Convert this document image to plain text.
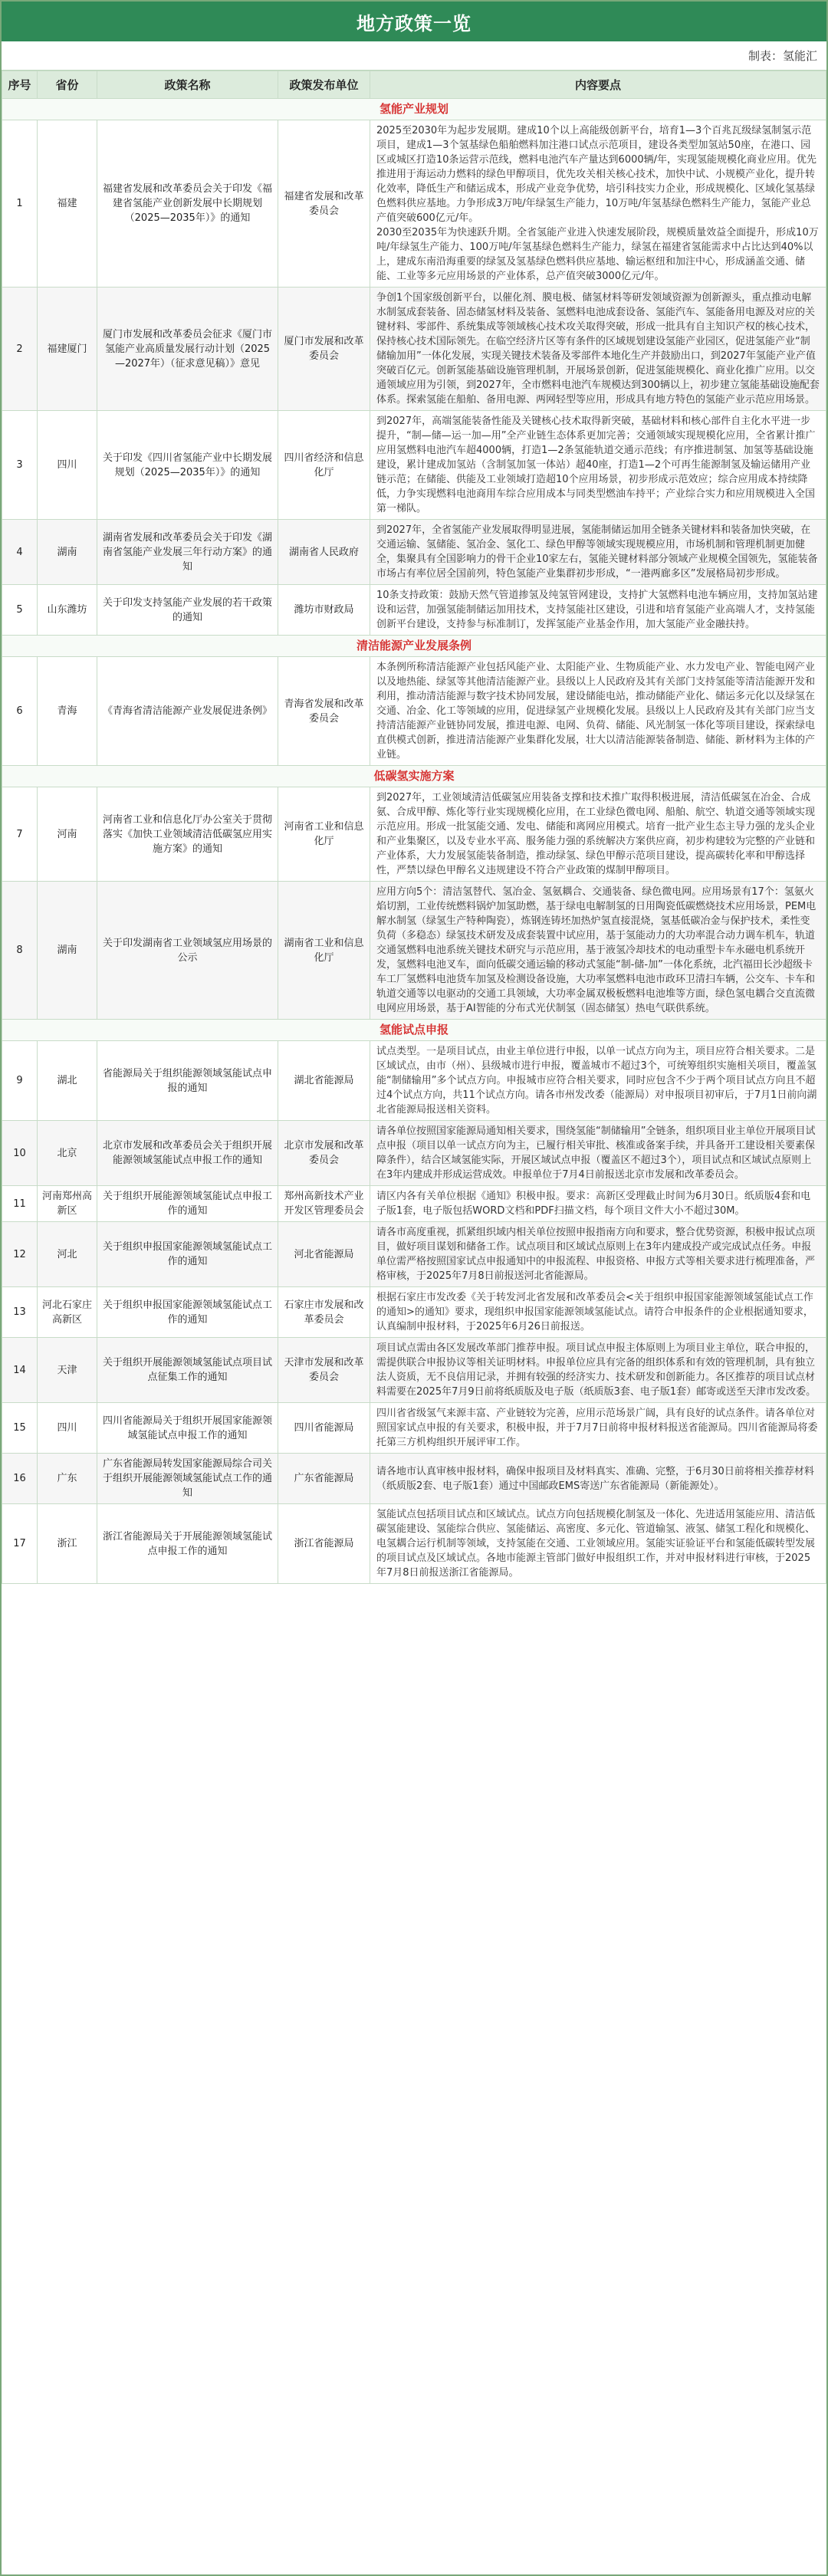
地方政策一览
制表：氢能汇
序号	省份	政策名称	政策发布单位	内容要点
氢能产业规划				
1	福建	福建省发展和改革委员会关于印发《福建省氢能产业创新发展中长期规划（2025—2035年）》的通知	福建省发展和改革委员会	2025至2030年为起步发展期。建成10个以上高能级创新平台，培育1—3个百兆瓦级绿氢制氢示范项目，建成1—3个氢基绿色船舶燃料加注港口试点示范项目，建设各类型加氢站50座，在港口、园区或城区打造10条运营示范线，燃料电池汽车产量达到6000辆/年，实现氢能规模化商业应用。优先推进用于海运动力燃料的绿色甲醇项目，优先攻关相关核心技术，加快中试、小规模产业化，提升转化效率，降低生产和储运成本，形成产业竞争优势，培引科技实力企业，形成规模化、区域化氢基绿色燃料供应基地。力争形成3万吨/年绿氢生产能力，10万吨/年氢基绿色燃料生产能力，氢能产业总产值突破600亿元/年。

2030至2035年为快速跃升期。全省氢能产业进入快速发展阶段，规模质量效益全面提升，形成10万吨/年绿氢生产能力、100万吨/年氢基绿色燃料生产能力，绿氢在福建省氢能需求中占比达到40%以上，建成东南沿海重要的绿氢及氢基绿色燃料供应基地、输运枢纽和加注中心，形成涵盖交通、储能、工业等多元应用场景的产业体系，总产值突破3000亿元/年。

2	福建厦门	厦门市发展和改革委员会征求《厦门市氢能产业高质量发展行动计划（2025—2027年）（征求意见稿）》意见	厦门市发展和改革委员会	争创1个国家级创新平台，以催化剂、膜电极、储氢材料等研发领域资源为创新源头，重点推动电解水制氢成套装备、固态储氢材料及装备、氢燃料电池成套设备、氢能汽车、氢能备用电源及对应的关键材料、零部件、系统集成等领域核心技术攻关取得突破，形成一批具有自主知识产权的核心技术，保持核心技术国际领先。在临空经济片区等有条件的区域规划建设氢能产业园区，促进氢能产业“制储输加用”一体化发展，实现关键技术装备及零部件本地化生产并鼓励出口，到2027年氢能产业产值突破百亿元。创新氢能基础设施管理机制，开展场景创新，促进氢能规模化、商业化推广应用。以交通领域应用为引领，到2027年，全市燃料电池汽车规模达到300辆以上，初步建立氢能基础设施配套体系。探索氢能在船舶、备用电源、两网轻型等应用，形成具有地方特色的氢能产业示范应用场景。

3	四川	关于印发《四川省氢能产业中长期发展规划（2025—2035年）》的通知	四川省经济和信息化厅	到2027年，高端氢能装备性能及关键核心技术取得新突破，基础材料和核心部件自主化水平进一步提升，“制—储—运一加—用”全产业链生态体系更加完善；交通领域实现规模化应用，全省累计推广应用氢燃料电池汽车超4000辆，打造1—2条氢能轨道交通示范线；有序推进制氢、加氢等基础设施建设，累计建成加氢站（含制氢加氢一体站）超40座，打造1—2个可再生能源制氢及输运储用产业链示范；在储能、供能及工业领域打造超10个应用场景，初步形成示范效应；综合应用成本持续降低，力争实现燃料电池商用车综合应用成本与同类型燃油车持平；产业综合实力和应用规模进入全国第一梯队。

4	湖南	湖南省发展和改革委员会关于印发《湖南省氢能产业发展三年行动方案》的通知	湖南省人民政府	到2027年，全省氢能产业发展取得明显进展，氢能制储运加用全链条关键材料和装备加快突破，在交通运输、氢储能、氢冶金、氢化工、绿色甲醇等领域实现规模应用，市场机制和管理机制更加健全，集聚具有全国影响力的骨干企业10家左右，氢能关键材料部分领域产业规模全国领先，氢能装备市场占有率位居全国前列，特色氢能产业集群初步形成，“一港两廊多区”发展格局初步形成。

5	山东潍坊	关于印发支持氢能产业发展的若干政策的通知	潍坊市财政局	10条支持政策：鼓励天然气管道掺氢及纯氢管网建设，支持扩大氢燃料电池车辆应用，支持加氢站建设和运营，加强氢能制储运加用技术，支持氢能社区建设，引进和培育氢能产业高端人才，支持氢能创新平台建设，支持参与标准制订，发挥氢能产业基金作用，加大氢能产业金融扶持。

清洁能源产业发展条例				
6	青海	《青海省清洁能源产业发展促进条例》	青海省发展和改革委员会	本条例所称清洁能源产业包括风能产业、太阳能产业、生物质能产业、水力发电产业、智能电网产业以及地热能、绿氢等其他清洁能源产业。县级以上人民政府及其有关部门支持氢能等清洁能源开发和利用，推动清洁能源与数字技术协同发展，建设储能电站，推动储能产业化、储运多元化以及绿氢在交通、冶金、化工等领域的应用，促进绿氢产业规模化发展。县级以上人民政府及其有关部门应当支持清洁能源产业链协同发展，推进电源、电网、负荷、储能、风光制氢一体化等项目建设，探索绿电直供模式创新，推进清洁能源产业集群化发展，壮大以清洁能源装备制造、储能、新材料为主体的产业链。

低碳氢实施方案				
7	河南	河南省工业和信息化厅办公室关于贯彻落实《加快工业领域清洁低碳氢应用实施方案》的通知	河南省工业和信息化厅	到2027年，工业领域清洁低碳氢应用装备支撑和技术推广取得积极进展，清洁低碳氢在冶金、合成氨、合成甲醇、炼化等行业实现规模化应用，在工业绿色微电网、船舶、航空、轨道交通等领域实现示范应用。形成一批氢能交通、发电、储能和离网应用模式。培育一批产业生态主导力强的龙头企业和产业集聚区，以及专业水平高、服务能力强的系统解决方案供应商，初步构建较为完整的产业链和产业体系，大力发展氢能装备制造，推动绿氢、绿色甲醇示范项目建设，提高碳转化率和甲醇选择性，严禁以绿色甲醇名义违规建设不符合产业政策的煤制甲醇项目。

8	湖南	关于印发湖南省工业领域氢应用场景的公示	湖南省工业和信息化厅	应用方向5个：清洁氢替代、氢冶金、氢氨耦合、交通装备、绿色微电网。应用场景有17个：氢氨火焰切割，工业传统燃料锅炉加氢助燃，基于绿电电解制氢的日用陶瓷低碳燃烧技术应用场景，PEM电解水制氢（绿氢生产特种陶瓷），炼钢连铸坯加热炉氢直接混烧，氢基低碳冶金与保护技术，柔性变负荷（多稳态）绿氢技术研发及成套装置中试应用，基于氢能动力的大功率混合动力调车机车，轨道交通氢燃料电池系统关键技术研究与示范应用，基于液氢冷却技术的电动重型卡车永磁电机系统开发，氢燃料电池叉车，面向低碳交通运输的移动式氢能“制-储-加”一体化系统，北汽福田长沙超级卡车工厂氢燃料电池货车加氢及检测设备设施，大功率氢燃料电池市政环卫清扫车辆，公交车、卡车和轨道交通等以电驱动的交通工具领域，大功率金属双极板燃料电池堆等方面，绿色氢电耦合交直流微电网应用场景，基于AI智能的分布式光伏制氢（固态储氢）热电气联供系统。

氢能试点申报				
9	湖北	省能源局关于组织能源领域氢能试点申报的通知	湖北省能源局	试点类型。一是项目试点，由业主单位进行申报，以单一试点方向为主，项目应符合相关要求。二是区域试点，由市（州）、县级城市进行申报，覆盖城市不超过3个，可统筹组织实施相关项目，覆盖氢能“制储输用”多个试点方向。申报城市应符合相关要求，同时应包含不少于两个项目试点方向且不超过4个试点方向，共11个试点方向。请各市州发改委（能源局）对申报项目初审后，于7月1日前向湖北省能源局报送相关资料。

10	北京	北京市发展和改革委员会关于组织开展能源领域氢能试点申报工作的通知	北京市发展和改革委员会	请各单位按照国家能源局通知相关要求，围绕氢能“制储输用”全链条，组织项目业主单位开展项目试点申报（项目以单一试点方向为主，已履行相关审批、核准或备案手续，并具备开工建设相关要素保障条件），结合区域氢能实际，开展区域试点申报（覆盖区不超过3个），项目试点和区域试点原则上在3年内建成并形成运营成效。申报单位于7月4日前报送北京市发展和改革委员会。

11	河南郑州高新区	关于组织开展能源领域氢能试点申报工作的通知	郑州高新技术产业开发区管理委员会	请区内各有关单位根据《通知》积极申报。要求：高新区受理截止时间为6月30日。纸质版4套和电子版1套，电子版包括WORD文档和PDF扫描文档，每个项目文件大小不超过30M。

12	河北	关于组织申报国家能源领域氢能试点工作的通知	河北省能源局	请各市高度重视，抓紧组织域内相关单位按照申报指南方向和要求，整合优势资源，积极申报试点项目，做好项目谋划和储备工作。试点项目和区域试点原则上在3年内建成投产或完成试点任务。申报单位需严格按照国家试点申报通知中的申报流程、申报资格、申报方式等相关要求进行梳理准备，严格审核，于2025年7月8日前报送河北省能源局。

13	河北石家庄高新区	关于组织申报国家能源领域氢能试点工作的通知	石家庄市发展和改革委员会	根据石家庄市发改委《关于转发河北省发展和改革委员会<关于组织申报国家能源领域氢能试点工作的通知>的通知》要求，现组织申报国家能源领域氢能试点。请符合申报条件的企业根据通知要求，认真编制申报材料，于2025年6月26日前报送。

14	天津	关于组织开展能源领域氢能试点项目试点征集工作的通知	天津市发展和改革委员会	项目试点需由各区发展改革部门推荐申报。项目试点申报主体原则上为项目业主单位，联合申报的，需提供联合申报协议等相关证明材料。申报单位应具有完备的组织体系和有效的管理机制，具有独立法人资质，无不良信用记录，并拥有较强的经济实力、技术研发和创新能力。各区推荐的项目试点材料需要在2025年7月9日前将纸质版及电子版（纸质版3套、电子版1套）邮寄或送至天津市发改委。

15	四川	四川省能源局关于组织开展国家能源领域氢能试点申报工作的通知	四川省能源局	四川省省级氢气来源丰富、产业链较为完善，应用示范场景广阔，具有良好的试点条件。请各单位对照国家试点申报的有关要求，积极申报，并于7月7日前将申报材料报送省能源局。四川省能源局将委托第三方机构组织开展评审工作。

16	广东	广东省能源局转发国家能源局综合司关于组织开展能源领域氢能试点工作的通知	广东省能源局	请各地市认真审核申报材料，确保申报项目及材料真实、准确、完整，于6月30日前将相关推荐材料（纸质版2套、电子版1套）通过中国邮政EMS寄送广东省能源局（新能源处）。

17	浙江	浙江省能源局关于开展能源领域氢能试点申报工作的通知	浙江省能源局	氢能试点包括项目试点和区域试点。试点方向包括规模化制氢及一体化、先进适用氢能应用、清洁低碳氢能建设、氢能综合供应、氢能储运、高密度、多元化、管道输氢、液氢、储氢工程化和规模化、电氢耦合运行机制等领域，支持氢能在交通、工业领域应用。氢能实证验证平台和氢能低碳转型发展的项目试点及区域试点。各地市能源主管部门做好申报组织工作，并对申报材料进行审核，于2025年7月8日前报送浙江省能源局。
